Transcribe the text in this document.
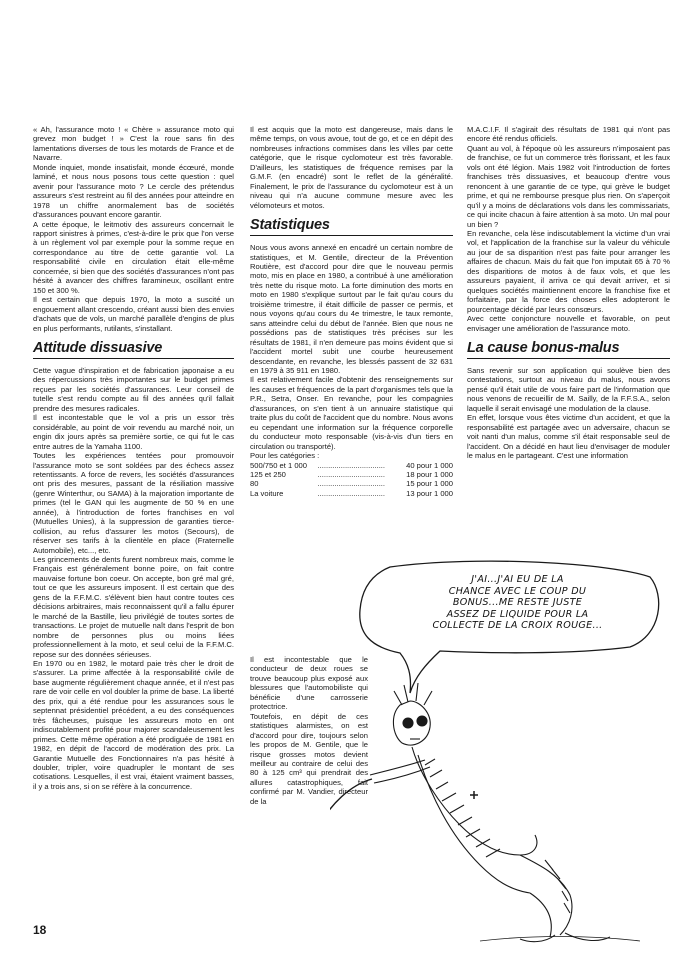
« Ah, l'assurance moto ! « Chère » assurance moto qui grevez mon budget ! » C'est la roue sans fin des lamentations diverses de tous les motards de France et de Navarre.

Monde inquiet, monde insatisfait, monde écœuré, monde laminé, et nous nous posons tous cette question : quel avenir pour l'assurance moto ? Le cercle des prétendus assureurs s'est restreint au fil des années pour atteindre en 1978 un chiffre anormalement bas de sociétés d'assurances pouvant encore garantir.

A cette époque, le leitmotiv des assureurs concernait le rapport sinistres à primes, c'est-à-dire le prix que l'on verse à un règlement vol par exemple pour la somme reçue en correspondance au titre de cette garantie vol. La responsabilité civile en circulation était elle-même concernée, si bien que des sociétés d'assurances n'ont pas hésité à avancer des chiffres faramineux, oscillant entre 150 et 300 %.

Il est certain que depuis 1970, la moto a suscité un engouement allant crescendo, créant aussi bien des envies d'achats que de vols, un marché parallèle d'engins de plus en plus performants, rutilants, s'installant.

Attitude dissuasive

Cette vague d'inspiration et de fabrication japonaise a eu des répercussions très importantes sur le budget primes reçues par les sociétés d'assurances. Leur conseil de tutelle s'est rendu compte au fil des années qu'il fallait prendre des mesures radicales.

Il est incontestable que le vol a pris un essor très considérable, au point de voir revendu au marché noir, un engin dix jours après sa première sortie, ce qui fut le cas entre autres de la Yamaha 1100.

Toutes les expériences tentées pour promouvoir l'assurance moto se sont soldées par des échecs assez retentissants. A force de revers, les sociétés d'assurances ont pris des mesures, passant de la résiliation massive (genre Winterthur, ou SAMA) à la majoration importante de primes (tel le GAN qui les augmente de 50 % en une année), à l'introduction de fortes franchises en vol (Mutuelles Unies), à la suppression de garanties tierce-collision, au refus d'assurer les motos (Secours), de réserver ses tarifs à la clientèle en place (Fraternelle Automobile), etc..., etc.

Les grincements de dents furent nombreux mais, comme le Français est généralement bonne poire, on fait contre mauvaise fortune bon coeur. On accepte, bon gré mal gré, tout ce que les assureurs imposent. Il est certain que des gens de la F.F.M.C. s'élèvent bien haut contre toutes ces décisions arbitraires, mais reconnaissent qu'il a fallu épurer le marché de la Bastille, lieu privilégié de toutes sortes de transactions. Le projet de mutuelle naît dans l'esprit de bon nombre de personnes plus ou moins liées professionnellement à la moto, et seul celui de la F.F.M.C. repose sur des données sérieuses.

En 1970 ou en 1982, le motard paie très cher le droit de s'assurer. La prime affectée à la responsabilité civile de base augmente régulièrement chaque année, et il n'est pas rare de voir celle en vol doubler la prime de base. La liberté des prix, qui a été rendue pour les assurances sous le septennat présidentiel précédent, a eu des conséquences très fâcheuses, puisque les assureurs moto en ont indiscutablement profité pour majorer scandaleusement les primes. Cette même opération a été prodiguée de 1981 en 1982, en dépit de l'accord de modération des prix. La Garantie Mutuelle des Fonctionnaires n'a pas hésité à doubler, tripler, voire quadrupler le montant de ses cotisations. Lesquelles, il est vrai, étaient vraiment basses, il y a trois ans, si on se réfère à la concurrence.

Il est acquis que la moto est dangereuse, mais dans le même temps, on vous avoue, tout de go, et ce en dépit des nombreuses infractions commises dans les villes par cette catégorie, que le risque cyclomoteur est très favorable. D'ailleurs, les statistiques de fréquence remises par la G.M.F. (en encadré) sont le reflet de la généralité. Finalement, le prix de l'assurance du cyclomoteur est à un niveau qui n'a aucune commune mesure avec les vélomoteurs et motos.

Statistiques

Nous vous avons annexé en encadré un certain nombre de statistiques, et M. Gentile, directeur de la Prévention Routière, est d'accord pour dire que le nouveau permis moto, mis en place en 1980, a contribué à une amélioration très nette du risque moto. La forte diminution des morts en moto en 1980 s'explique surtout par le fait qu'au cours du troisième trimestre, il était difficile de passer ce permis, et nous voyons qu'au cours du 4e trimestre, le taux remonte, sans atteindre celui du début de l'année. Bien que nous ne possédions pas de statistiques très précises sur les résultats de 1981, il n'en demeure pas moins évident que si l'accident mortel subit une courbe heureusement descendante, en revanche, les blessés passent de 32 631 en 1979 à 35 911 en 1980.

Il est relativement facile d'obtenir des renseignements sur les causes et fréquences de la part d'organismes tels que la P.R., Setra, Onser. En revanche, pour les compagnies d'assurances, on s'en tient à un annuaire statistique qui traite plus du coût de l'accident que du nombre. Nous avons eu cependant une information sur la fréquence corporelle du conducteur moto responsable (vis-à-vis d'un tiers en circulation ou transporté).

Pour les catégories :

500/750 et 1 000	................................	40 pour 1 000
125 et 250	................................	18 pour 1 000
80	................................	15 pour 1 000
La voiture	................................	13 pour 1 000

Il est incontestable que le conducteur de deux roues se trouve beaucoup plus exposé aux blessures que l'automobiliste qui bénéficie d'une carrosserie protectrice.

Toutefois, en dépit de ces statistiques alarmistes, on est d'accord pour dire, toujours selon les propos de M. Gentile, que le risque grosses motos devient meilleur au contraire de celui des 80 à 125 cm³ qui prendrait des allures catastrophiques, fait confirmé par M. Vandier, directeur de la

M.A.C.I.F. Il s'agirait des résultats de 1981 qui n'ont pas encore été rendus officiels.

Quant au vol, à l'époque où les assureurs n'imposaient pas de franchise, ce fut un commerce très florissant, et les faux vols ont été légion. Mais 1982 voit l'introduction de fortes franchises très dissuasives, et beaucoup d'entre vous renoncent à une garantie de ce type, qui grève le budget prime, et qui ne rembourse presque plus rien. On s'aperçoit qu'il y a moins de déclarations vols dans les commissariats, ce qui incite chacun à faire attention à sa moto. Un mal pour un bien ?

En revanche, cela lèse indiscutablement la victime d'un vrai vol, et l'application de la franchise sur la valeur du véhicule au jour de sa disparition n'est pas faite pour arranger les affaires de chacun. Mais du fait que l'on imputait 65 à 70 % des disparitions de motos à de faux vols, et que les assureurs payaient, il arriva ce qui devait arriver, et si quelques sociétés maintiennent encore la franchise fixe et forfaitaire, par la force des choses elles adopteront le pourcentage décidé par leurs consœurs.

Avec cette conjoncture nouvelle et favorable, on peut envisager une amélioration de l'assurance moto.

La cause bonus-malus

Sans revenir sur son application qui soulève bien des contestations, surtout au niveau du malus, nous avons pensé qu'il était utile de vous faire part de l'information que nous venons de recueillir de M. Sailly, de la F.F.S.A., selon laquelle il serait envisagé une modulation de la clause.

En effet, lorsque vous êtes victime d'un accident, et que la responsabilité est partagée avec un adversaire, chacun se voit nanti d'un malus, comme s'il était responsable seul de l'accident. On a décidé en haut lieu d'envisager de moduler le malus en le partageant. C'est une information

J'AI...J'AI EU DE LA
CHANCE AVEC LE COUP DU
BONUS...ME RESTE JUSTE
ASSEZ DE LIQUIDE POUR LA
COLLECTE DE LA CROIX ROUGE...
18
